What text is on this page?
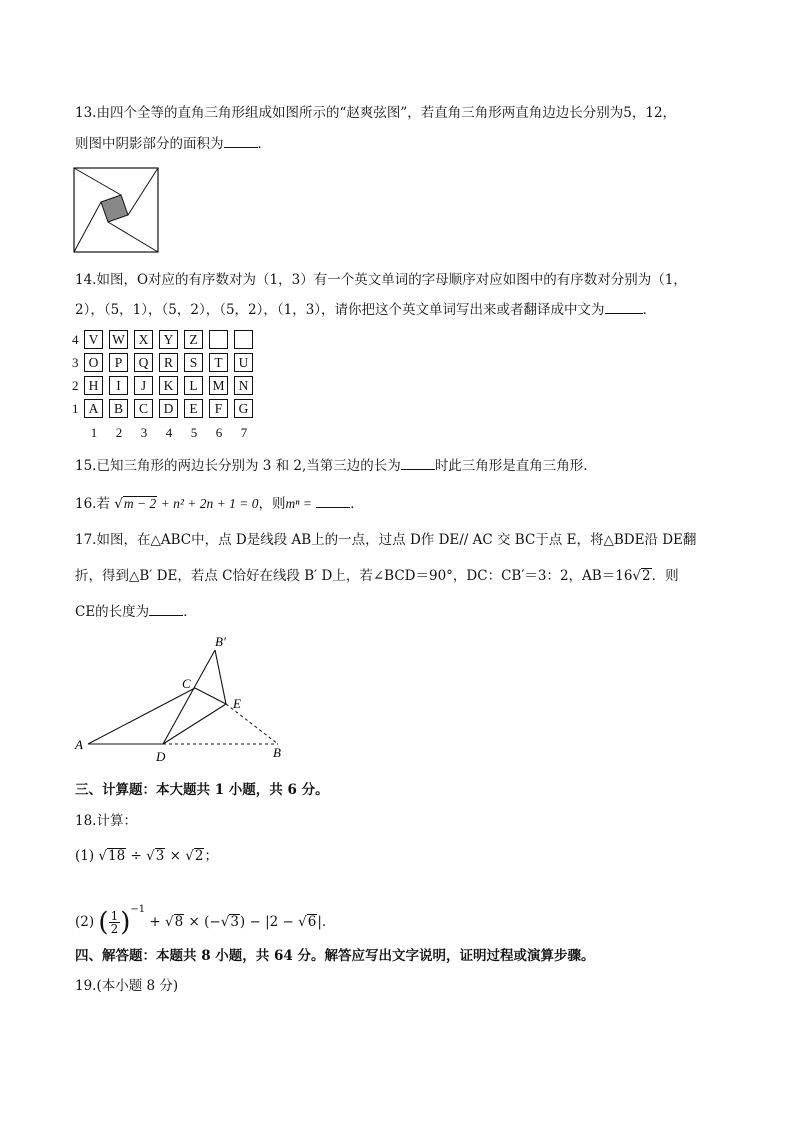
13.由四个全等的直角三角形组成如图所示的“赵爽弦图”，若直角三角形两直角边边长分别为5，12，
则图中阴影部分的面积为	．
14.如图，O对应的有序数对为（1，3）有一个英文单词的字母顺序对应如图中的有序数对分别为（1，
2），（5，1），（5，2），（5，2），（1，3），请你把这个英文单词写出来或者翻译成中文为	．
4 V	W	X	Y	Z
3 O	P	Q	R	S	T	U
2 H	I	J	K	L	M	N
1 A	B	C	D	E	F	G
1	2	3	4	5	6	7
15.已知三角形的两边长分别为 3 和 2,当第三边的长为	时此三角形是直角三角形.
16.若 √m − 2 + n² + 2n + 1 = 0，则mⁿ =	．
17.如图，在△ABC中，点 D是线段 AB上的一点，过点 D作 DE// AC 交 BC于点 E，将△BDE沿 DE翻
折，得到△B′ DE，若点 C恰好在线段 B′ D上，若∠BCD＝90°，DC：CB′＝3：2，AB＝16√2．则
CE的长度为	．
A
D	B
C
E
B′
三、计算题：本大题共 1 小题，共 6 分。
18.计算：
(1) √18 ÷ √3 × √2；
(2) ( $\frac{1}{2} )^{-1} + √8 \times (-√3) - |2 - √6|$．
四、解答题：本题共 8 小题，共 64 分。解答应写出文字说明，证明过程或演算步骤。
19.(本小题 8 分)
